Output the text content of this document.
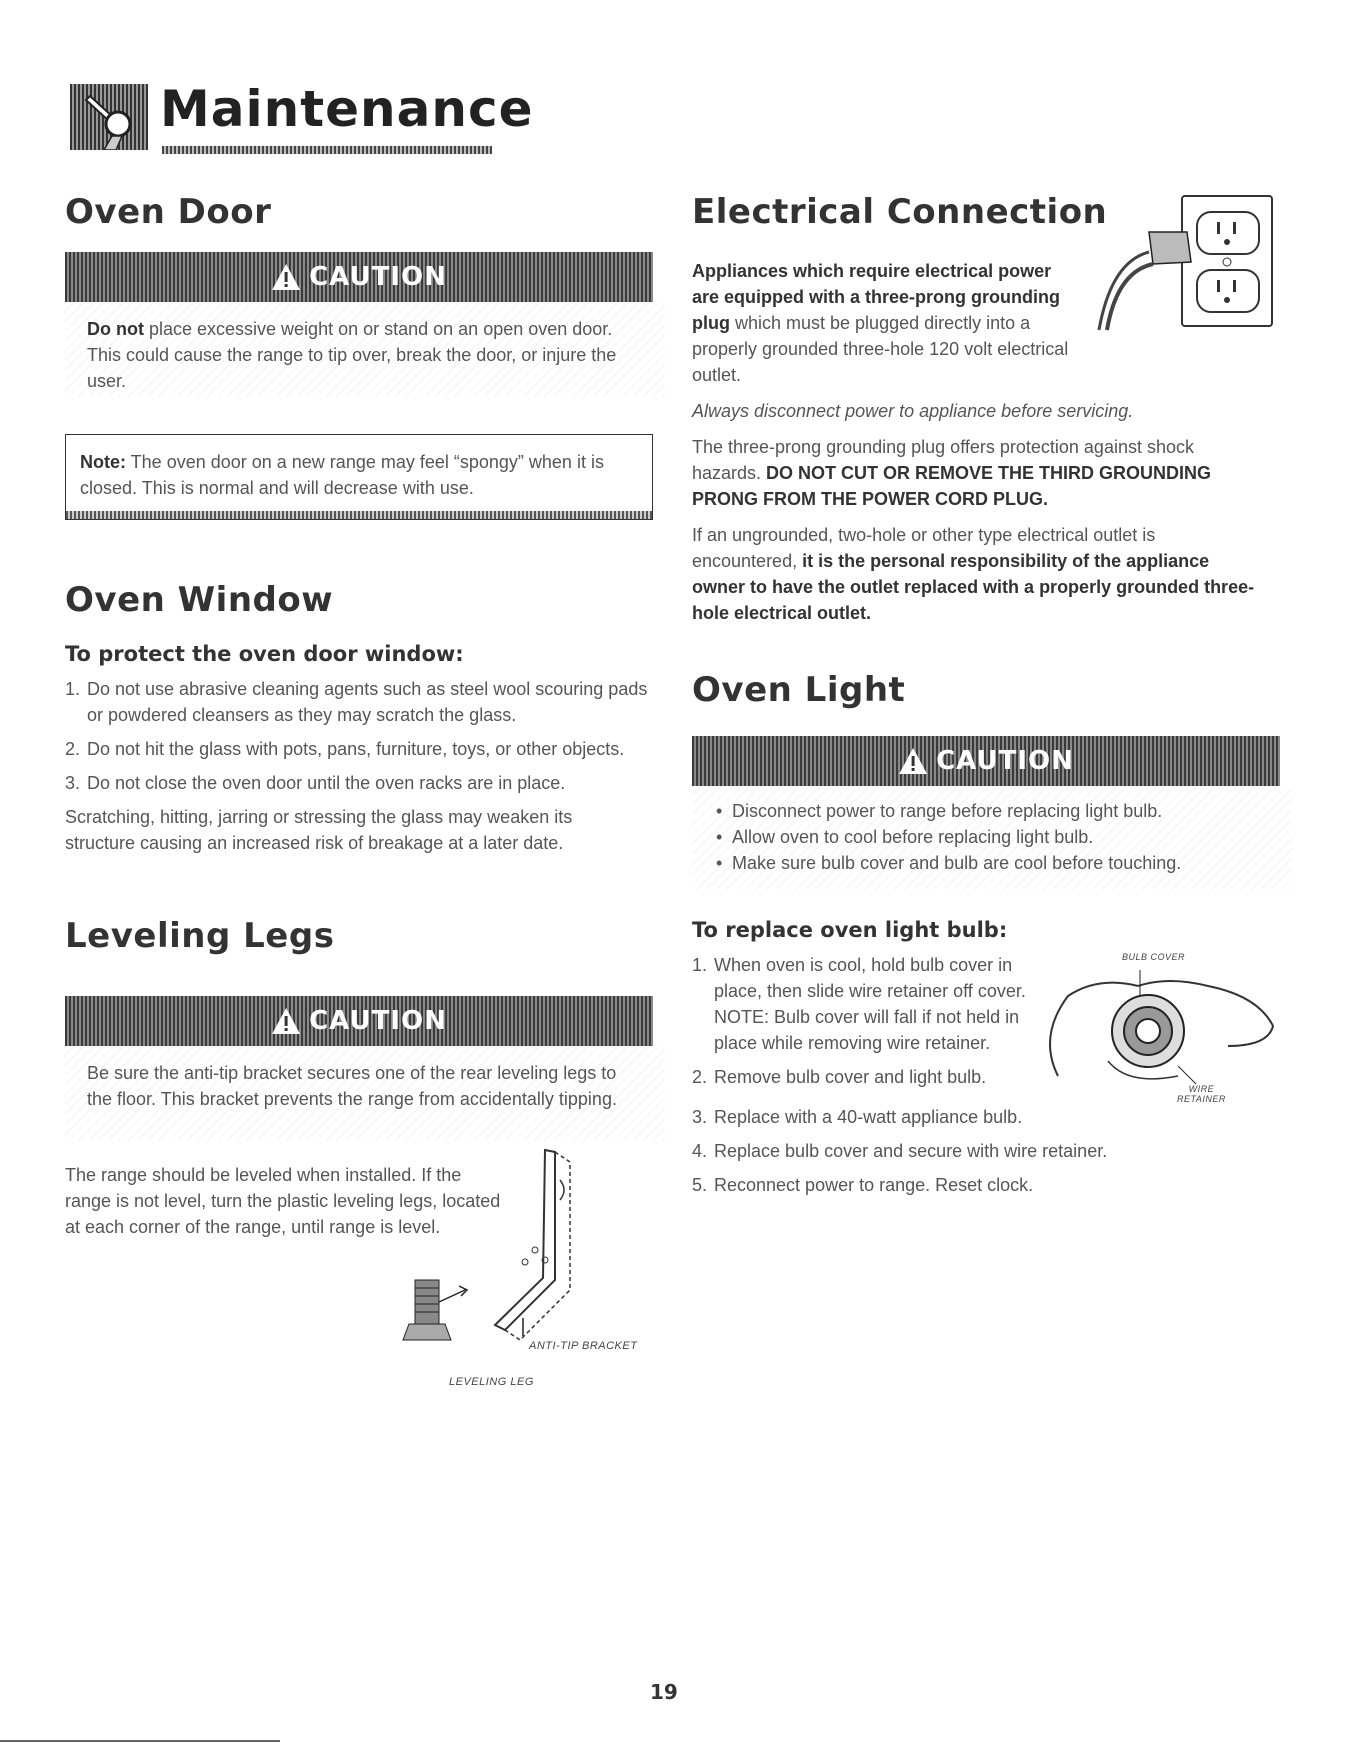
Maintenance
Oven Door
CAUTION
Do not place excessive weight on or stand on an open oven door. This could cause the range to tip over, break the door, or injure the user.
Note: The oven door on a new range may feel “spongy” when it is closed. This is normal and will decrease with use.
Oven Window
To protect the oven door window:
1. Do not use abrasive cleaning agents such as steel wool scouring pads or powdered cleansers as they may scratch the glass.
2. Do not hit the glass with pots, pans, furniture, toys, or other objects.
3. Do not close the oven door until the oven racks are in place.

Scratching, hitting, jarring or stressing the glass may weaken its structure causing an increased risk of breakage at a later date.

Leveling Legs
CAUTION
Be sure the anti-tip bracket secures one of the rear leveling legs to the floor. This bracket prevents the range from accidentally tipping.

The range should be leveled when installed. If the range is not level, turn the plastic leveling legs, located at each corner of the range, until range is level.

ANTI-TIP BRACKET
LEVELING LEG
Electrical Connection

Appliances which require electrical power are equipped with a three-prong grounding plug which must be plugged directly into a properly grounded three-hole 120 volt electrical outlet.

Always disconnect power to appliance before servicing.

The three-prong grounding plug offers protection against shock hazards. DO NOT CUT OR REMOVE THE THIRD GROUNDING PRONG FROM THE POWER CORD PLUG.

If an ungrounded, two-hole or other type electrical outlet is encountered, it is the personal responsibility of the appliance owner to have the outlet replaced with a properly grounded three-hole electrical outlet.

Oven Light
CAUTION
• Disconnect power to range before replacing light bulb.
• Allow oven to cool before replacing light bulb.
• Make sure bulb cover and bulb are cool before touching.
To replace oven light bulb:
BULB COVER
WIRE
RETAINER
1. When oven is cool, hold bulb cover in place, then slide wire retainer off cover. NOTE: Bulb cover will fall if not held in place while removing wire retainer.
2. Remove bulb cover and light bulb.
3. Replace with a 40-watt appliance bulb.
4. Replace bulb cover and secure with wire retainer.
5. Reconnect power to range. Reset clock.
19
